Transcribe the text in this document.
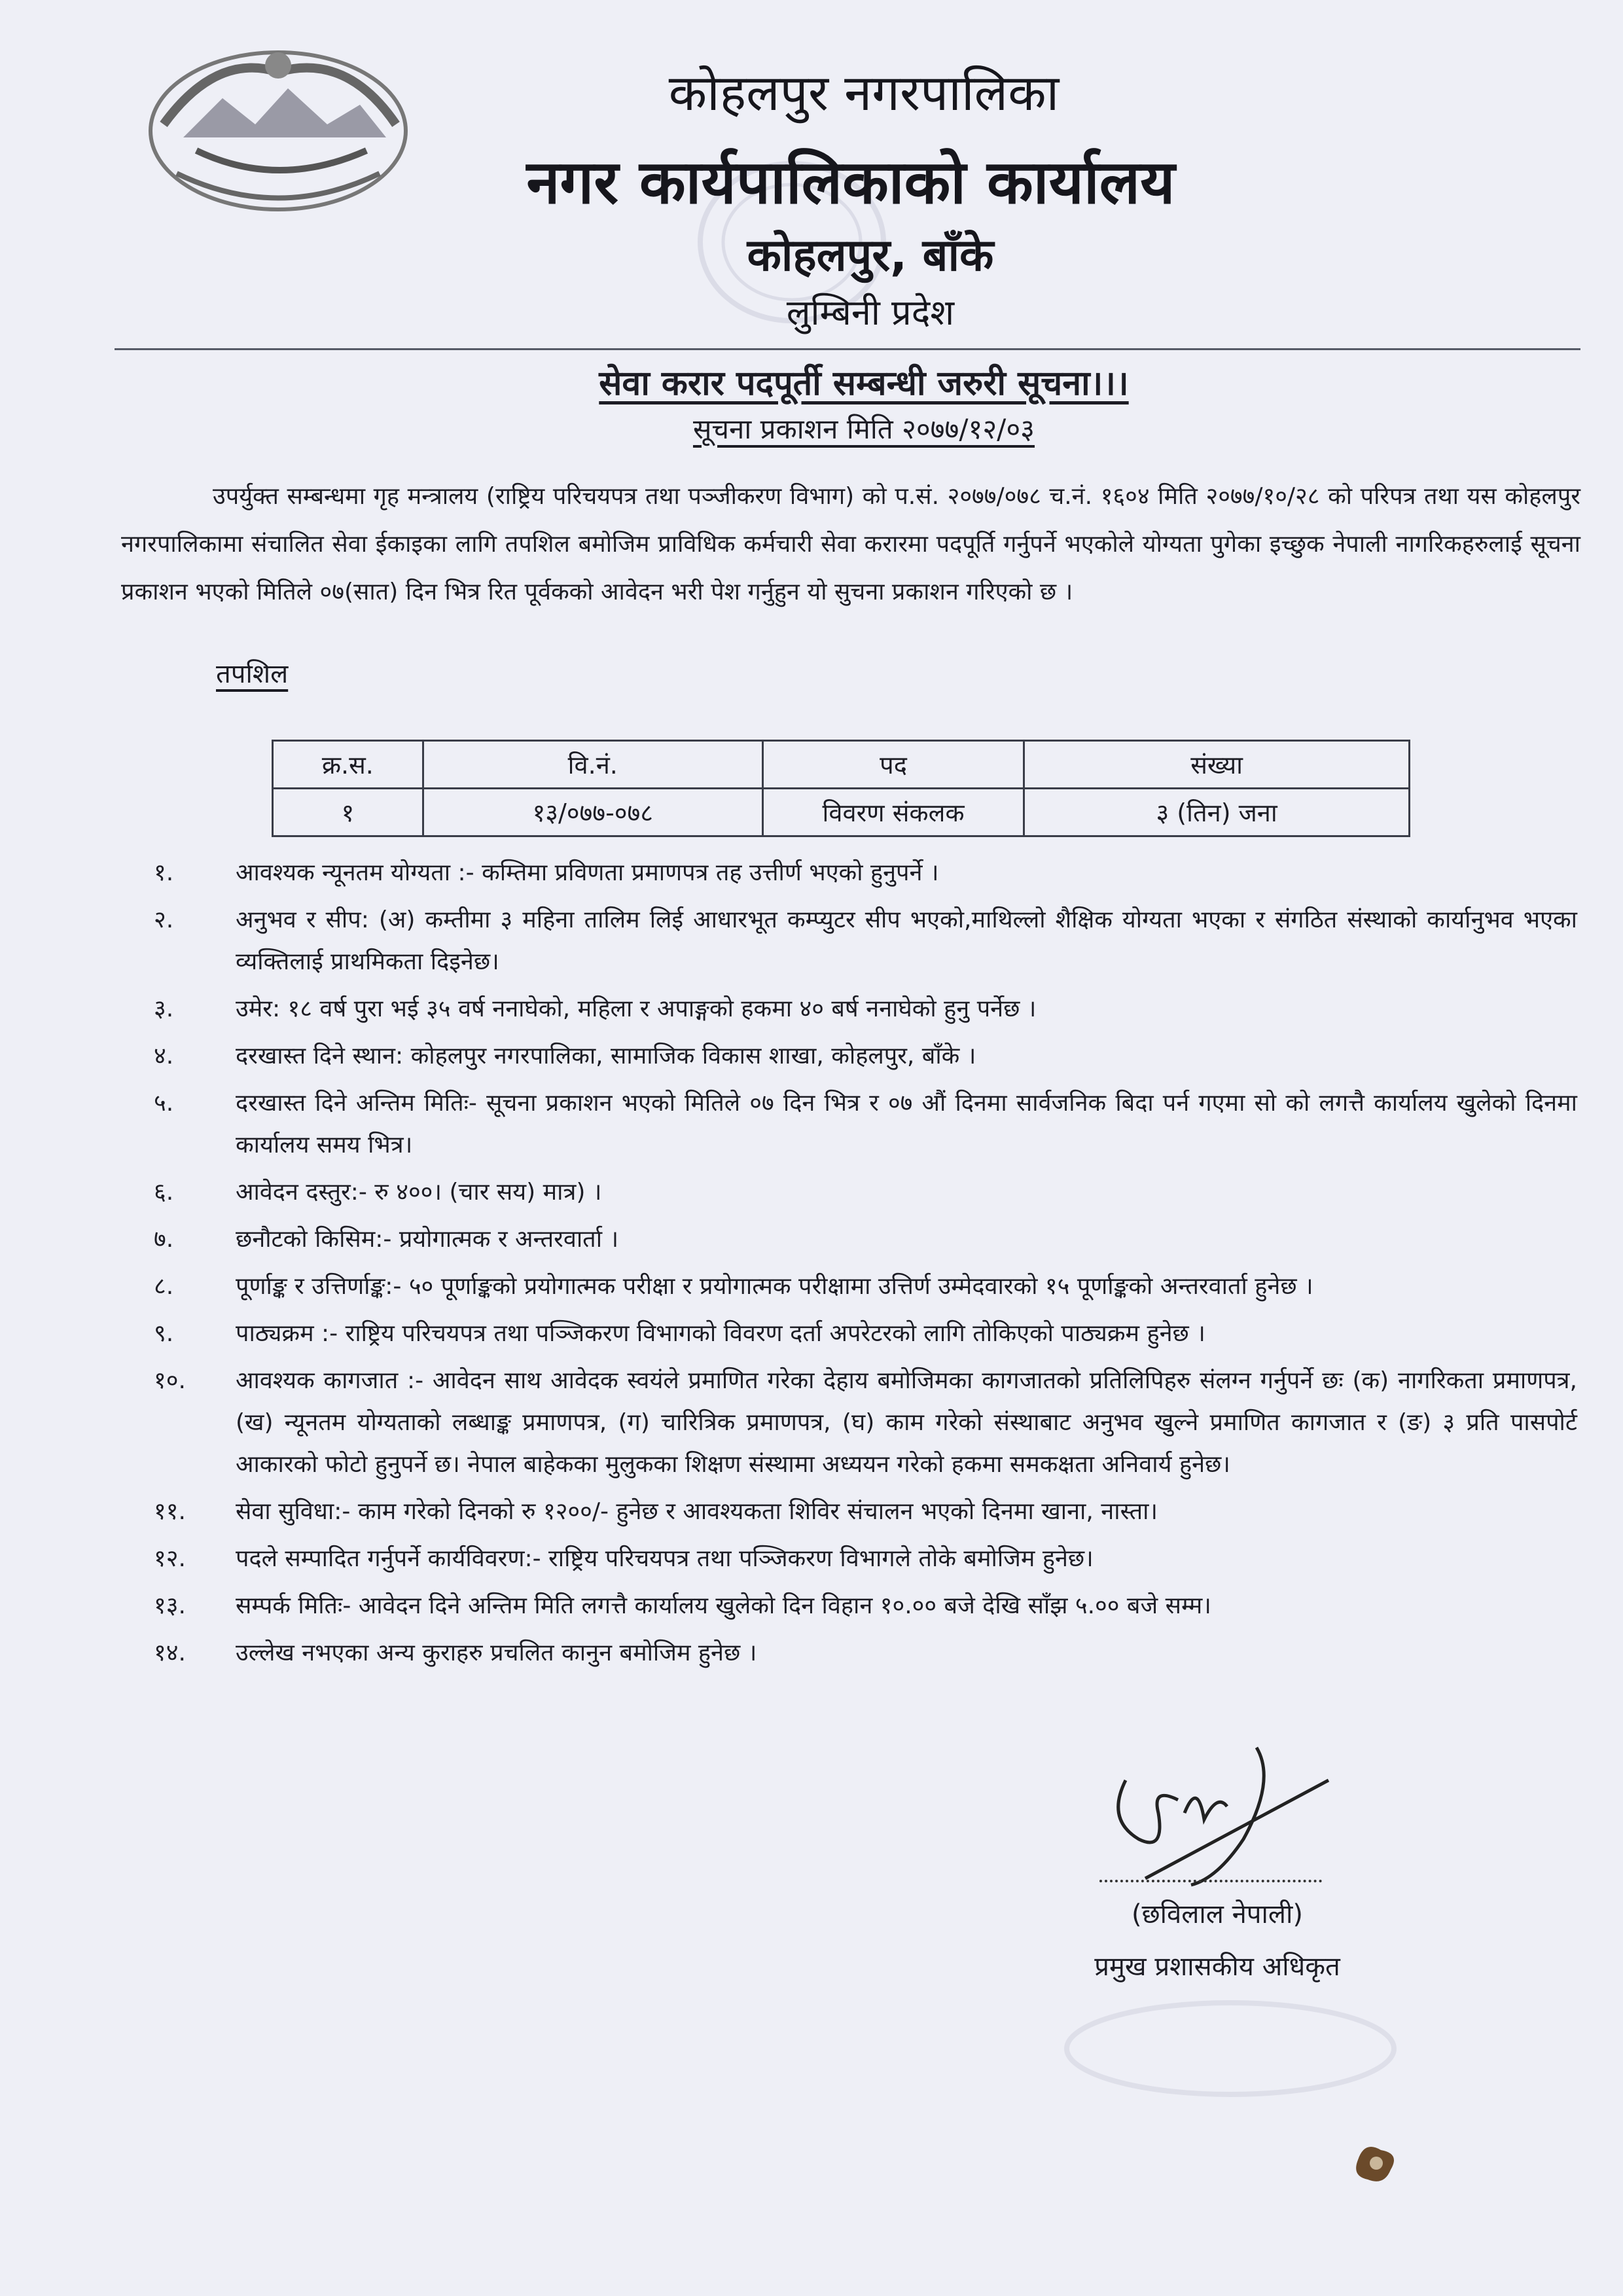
कोहलपुर नगरपालिका
नगर कार्यपालिकाको कार्यालय
कोहलपुर, बाँके
लुम्बिनी प्रदेश
सेवा करार पदपूर्ती सम्बन्धी जरुरी सूचना।।।
सूचना प्रकाशन मिति २०७७/१२/०३
उपर्युक्त सम्बन्धमा गृह मन्त्रालय (राष्ट्रिय परिचयपत्र तथा पञ्जीकरण विभाग) को प.सं. २०७७/०७८ च.नं. १६०४ मिति २०७७/१०/२८ को परिपत्र तथा यस कोहलपुर नगरपालिकामा संचालित सेवा ईकाइका लागि तपशिल बमोजिम प्राविधिक कर्मचारी सेवा करारमा पदपूर्ति गर्नुपर्ने भएकोले योग्यता पुगेका इच्छुक नेपाली नागरिकहरुलाई सूचना प्रकाशन भएको मितिले ०७(सात) दिन भित्र रित पूर्वकको आवेदन भरी पेश गर्नुहुन यो सुचना प्रकाशन गरिएको छ ।
तपशिल
क्र.स.	वि.नं.	पद	संख्या
१	१३/०७७-०७८	विवरण संकलक	३ (तिन) जना
१.	आवश्यक न्यूनतम योग्यता :- कम्तिमा प्रविणता प्रमाणपत्र तह उत्तीर्ण भएको हुनुपर्ने ।
२.	अनुभव र सीप: (अ) कम्तीमा ३ महिना तालिम लिई आधारभूत कम्प्युटर सीप भएको,माथिल्लो शैक्षिक योग्यता भएका र संगठित संस्थाको कार्यानुभव भएका व्यक्तिलाई प्राथमिकता दिइनेछ।
३.	उमेर: १८ वर्ष पुरा भई ३५ वर्ष ननाघेको, महिला र अपाङ्गको हकमा ४० बर्ष ननाघेको हुनु पर्नेछ ।
४.	दरखास्त दिने स्थान: कोहलपुर नगरपालिका, सामाजिक विकास शाखा, कोहलपुर, बाँके ।
५.	दरखास्त दिने अन्तिम मितिः- सूचना प्रकाशन भएको मितिले ०७ दिन भित्र र ०७ औं दिनमा सार्वजनिक बिदा पर्न गएमा सो को लगत्तै कार्यालय खुलेको दिनमा कार्यालय समय भित्र।
६.	आवेदन दस्तुर:- रु ४००। (चार सय) मात्र) ।
७.	छनौटको किसिम:- प्रयोगात्मक र अन्तरवार्ता ।
८.	पूर्णाङ्क र उत्तिर्णाङ्क:- ५० पूर्णाङ्कको प्रयोगात्मक परीक्षा र प्रयोगात्मक परीक्षामा उत्तिर्ण उम्मेदवारको १५ पूर्णाङ्कको अन्तरवार्ता हुनेछ ।
९.	पाठ्यक्रम :- राष्ट्रिय परिचयपत्र तथा पञ्जिकरण विभागको विवरण दर्ता अपरेटरको लागि तोकिएको पाठ्यक्रम हुनेछ ।
१०. आवश्यक कागजात :- आवेदन साथ आवेदक स्वयंले प्रमाणित गरेका देहाय बमोजिमका कागजातको प्रतिलिपिहरु संलग्न गर्नुपर्ने छः (क) नागरिकता प्रमाणपत्र, (ख) न्यूनतम योग्यताको लब्धाङ्क प्रमाणपत्र, (ग) चारित्रिक प्रमाणपत्र, (घ) काम गरेको संस्थाबाट अनुभव खुल्ने प्रमाणित कागजात र (ङ) ३ प्रति पासपोर्ट आकारको फोटो हुनुपर्ने छ। नेपाल बाहेकका मुलुकका शिक्षण संस्थामा अध्ययन गरेको हकमा समकक्षता अनिवार्य हुनेछ।
११. सेवा सुविधा:- काम गरेको दिनको रु १२००/- हुनेछ र आवश्यकता शिविर संचालन भएको दिनमा खाना, नास्ता।
१२. पदले सम्पादित गर्नुपर्ने कार्यविवरण:- राष्ट्रिय परिचयपत्र तथा पञ्जिकरण विभागले तोके बमोजिम हुनेछ।
१३. सम्पर्क मितिः- आवेदन दिने अन्तिम मिति लगत्तै कार्यालय खुलेको दिन विहान १०.०० बजे देखि साँझ ५.०० बजे सम्म।
१४. उल्लेख नभएका अन्य कुराहरु प्रचलित कानुन बमोजिम हुनेछ ।
(छविलाल नेपाली)
प्रमुख प्रशासकीय अधिकृत
